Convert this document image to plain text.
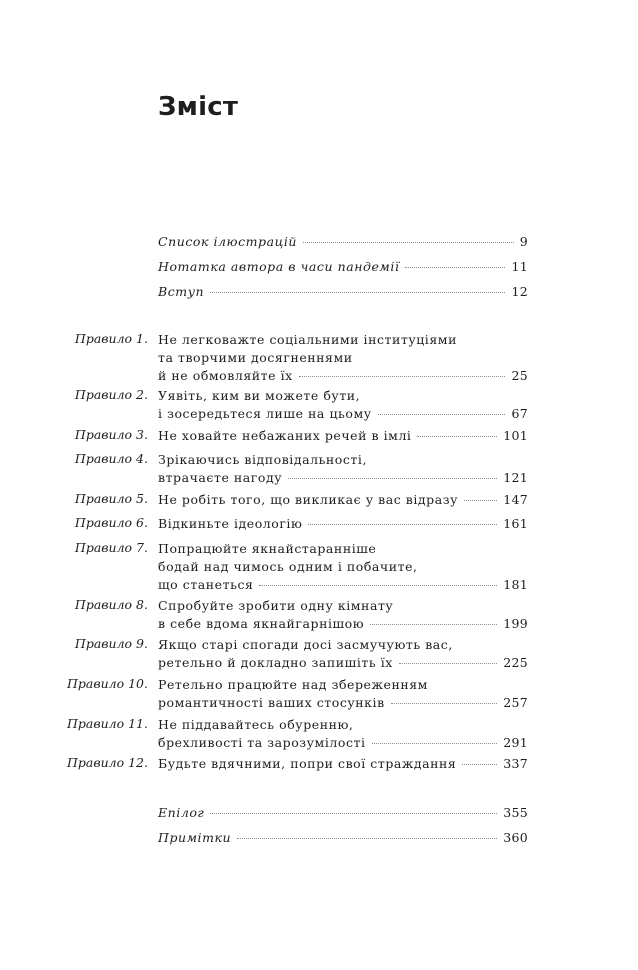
Зміст
Список ілюстрацій	9
Нотатка автора в часи пандемії	11
Вступ	12
Правило 1. Не легковажте соціальними інституціями
та творчими досягненнями
й не обмовляйте їх	25
Правило 2. Уявіть, ким ви можете бути,
і зосередьтеся лише на цьому	67
Правило 3. Не ховайте небажаних речей в імлі	101
Правило 4. Зрікаючись відповідальності,
втрачаєте нагоду	121
Правило 5. Не робіть того, що викликає у вас відразу	147
Правило 6. Відкиньте ідеологію	161
Правило 7. Попрацюйте якнайстаранніше
бодай над чимось одним і побачите,
що станеться	181
Правило 8. Спробуйте зробити одну кімнату
в себе вдома якнайгарнішою	199
Правило 9. Якщо старі спогади досі засмучують вас,
ретельно й докладно запишіть їх	225
Правило 10. Ретельно працюйте над збереженням
романтичності ваших стосунків	257
Правило 11. Не піддавайтесь обуренню,
брехливості та зарозумілості	291
Правило 12. Будьте вдячними, попри свої страждання	337
Епілог	355
Примітки	360
